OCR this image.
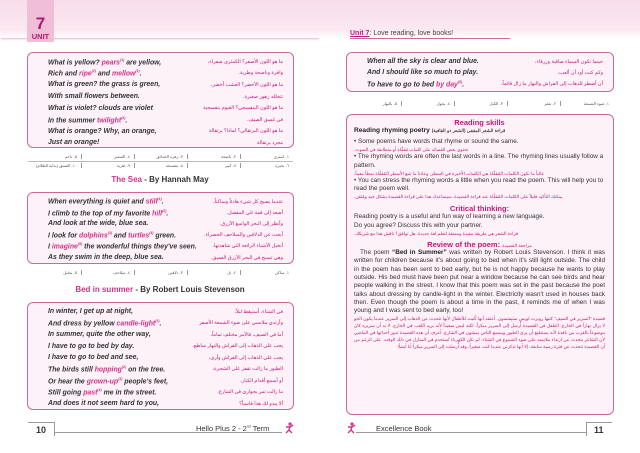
7
UNIT
What is yellow? pears$^{(1)}$ are yellow,	ما هو اللون الأصفر؟ الكمثرى صفراء،
Rich and ripe$^{(2)}$ and mellow$^{(3)}$.	وافرة وناضجة وطرية.
What is green? the grass is green,	ما هو اللون الأخضر؟ العشب أخضر،
With small flowers between.	تتخلله زهور صغيرة.
What is violet? clouds are violet	ما هو اللون البنفسجي؟ الغيوم بنفسجية
In the summer twilight$^{(4)}$.	في غسق الصيف.
What is orange? Why, an orange,	ما هو اللون البرتقالي؟ لماذا؟ برتقالة
Just an orange!	مجرد برتقالة
١- كمثرى
٢- ناضجة
٣- زهرة الحدائق
٤- الشعير
٥- ناعم
٦- بحيرة
٧- كبير
٨- بنفسجة
٩- طرية
١٠- الغسق (بداية الظلام)
The Sea - By Hannah May
When everything is quiet and still$^{(1)}$.	عندما يصبح كل شيء هادئاً وساكناً،
I climb to the top of my favorite hill$^{(2)}$.	أصعد إلى قمة تلي المفضل.
And look at the wide, blue sea.	وأنظر إلى البحر الواسع الأزرق.
I look for dolphins$^{(3)}$ and turtles$^{(4)}$ green.	أبحث عن الدلافين والسلاحف الخضراء.
I imagine$^{(5)}$ the wonderful things they've seen.	أتخيل الأشياء الرائعة التي شاهدتها.
As they swim in the deep, blue sea.	وهي تسبح في البحر الأزرق العميق.
١- ساكن
٢- تل
٣- دلافين
٤- سلاحف
٥- يتخيل
Bed in summer - By Robert Louis Stevenson
In winter, I get up at night,	في الشتاء، أستيقظ ليلاً،
And dress by yellow candle-light$^{(1)}$.	وأرتدي ملابسي على ضوء الشمعة الأصفر
In summer, quite the other way,	أما في الصيف، فالأمر مختلف تماماً،
I have to go to bed by day.	يجب علي الذهاب إلى الفراش والنهار ساطع.
I have to go to bed and see,	يجب علي الذهاب إلى الفراش وأرى،
The birds still hopping$^{(2)}$ on the tree.	الطيور ما زالت تقفز على الشجرة،
Or hear the grown-$up^{(3)}$ people's feet,	أو أسمع أقدام الكبار،
Still going past$^{(4)}$ me in the street.	ما زالت تمر بجواري في الشارع.
And does it not seem hard to you,	ألا يبدو لك هذا قاسياً؟
10	Hello Plus 2 - 2nd Term
Unit 7: Love reading, love books!
When all the sky is clear and blue.	حينما تكون السماء صافية وزرقاء،
And I should like so much to play.	وكم كنت أود أن ألعب،
To have to go to bed by day$^{(5)}$.	أن أضطر للذهاب إلى الفراش والنهار ما زال قائماً.
١- ضوء الشمعة
٢- تقفز
٣- الكبار
٤- بجوار
٥- بالنهار
Reading skills
Reading rhyming poetry (قراءة الشعر المقفى (الشعر ذو القافية
• Some poems have words that rhyme or sound the same.
تحتوي بعض القصائد على كلمات مُقفَّاة أو متطابقة في الصوت.
• The rhyming words are often the last words in a line. The rhyming lines usually follow a pattern.
غالباً ما تكون الكلمات المُقفَّاة هي الكلمات الأخيرة في السطر. وعادةً ما تتبع الأسطر المُقفَّاة نمطاً معيناً.
• You can stress the rhyming words a little when you read the poem. This will help you to read the poem well.
يمكنك التأكيد قليلاً على الكلمات المُقفَّاة عند قراءة القصيدة. سيساعدك هذا على قراءة القصيدة بشكل جيد ومُتقن.
Critical thinking:
Reading poetry is a useful and fun way of learning a new language.
Do you agree? Discuss this with your partner.
قراءة الشعر هي طريقة مفيدة وممتعة لتعلم لغة جديدة. هل توافق؟ ناقش هذا مع شريكك.
Review of the poem: مراجعة القصيدة
The poem “Bed in Summer” was written by Robert Louis Stevenson. I think it was written for children because it's about going to bed when it's still light outside. The child in the poem has been sent to bed early, but he is not happy because he wants to play outside. His bed must have been put near a window because he can see birds and hear people walking in the street. I know that this poem was set in the past because the poet talks about dressing by candle-light in the winter. Electricity wasn't used in houses back then. Even though the poem Is about a time in the past, it reminds me of when I was young and I was sent to bed early, too!
قصيدة "السرير في الصيف" كتبها روبرت لويس ستيفنسون. أعتقد أنها كُتبت للأطفال لأنها تتحدث عن الذهاب إلى السرير عندما يكون الجو لا يزال نهاراً في الخارج. الطفل في القصيدة أُرسل إلى السرير مبكراً، لكنه ليس سعيداً لأنه يريد اللعب في الخارج. لا بد أن سريره كان موضوعاً بالقرب من نافذة لأنه يستطيع أن يرى الطيور ويسمع الناس يمشون في الشارع. أعرف أن هذه القصيدة تدور أحداثها في الماضي لأن الشاعر يتحدث عن ارتداء ملابسه على ضوء الشموع في الشتاء. لم تكن الكهرباء تُستخدم في المنازل في ذلك الوقت. على الرغم من أن القصيدة تتحدث عن فترة زمنية سابقة، إلا أنها تذكرني عندما كنت صغيراً، وقد أُرسلت إلى السرير مبكراً أنا أيضاً!
Excellence Book	11
